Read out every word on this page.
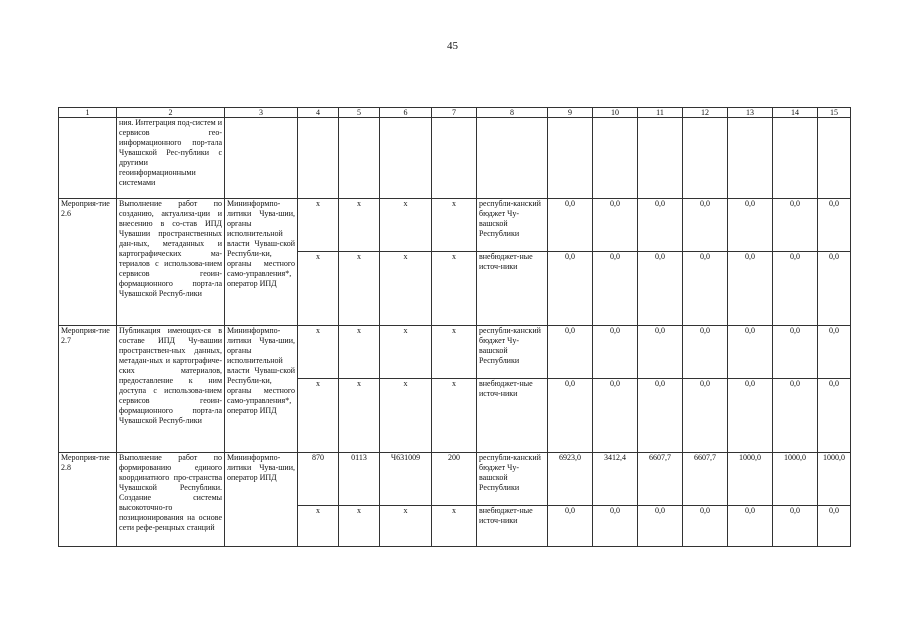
45
1	2	3	4	5	6	7	8	9	10	11	12	13	14	15
	ния. Интеграция под-систем и сервисов гео-информационного пор-тала Чувашской Рес-публики с другими геоинформационными системами													
Мероприя-тие 2.6	Выполнение работ по созданию, актуализа-ции и внесению в со-став ИПД Чувашии пространственных дан-ных, метаданных и картографических ма-териалов с использова-нием сервисов геоин-формационного порта-ла Чувашской Респуб-лики	Мининформпо-литики Чува-шии, органы исполнительной власти Чуваш-ской Республи-ки, органы местного само-управления*, оператор ИПД	х	х	х	х	республи-канский бюджет Чу-вашской Республики	0,0	0,0	0,0	0,0	0,0	0,0	0,0
			х	х	х	х	внебюджет-ные источ-ники	0,0	0,0	0,0	0,0	0,0	0,0	0,0
Мероприя-тие 2.7	Публикация имеющих-ся в составе ИПД Чу-вашии пространствен-ных данных, метадан-ных и картографиче-ских материалов, предоставление к ним доступа с использова-нием сервисов геоин-формационного порта-ла Чувашской Респуб-лики	Мининформпо-литики Чува-шии, органы исполнительной власти Чуваш-ской Республи-ки, органы местного само-управления*, оператор ИПД	х	х	х	х	республи-канский бюджет Чу-вашской Республики	0,0	0,0	0,0	0,0	0,0	0,0	0,0
			х	х	х	х	внебюджет-ные источ-ники	0,0	0,0	0,0	0,0	0,0	0,0	0,0
Мероприя-тие 2.8	Выполнение работ по формированию единого координатного про-странства Чувашской Республики. Создание системы высокоточно-го позиционирования на основе сети рефе-ренцных станций	Мининформпо-литики Чува-шии, оператор ИПД	870	0113	Ч631009	200	республи-канский бюджет Чу-вашской Республики	6923,0	3412,4	6607,7	6607,7	1000,0	1000,0	1000,0
			х	х	х	х	внебюджет-ные источ-ники	0,0	0,0	0,0	0,0	0,0	0,0	0,0
